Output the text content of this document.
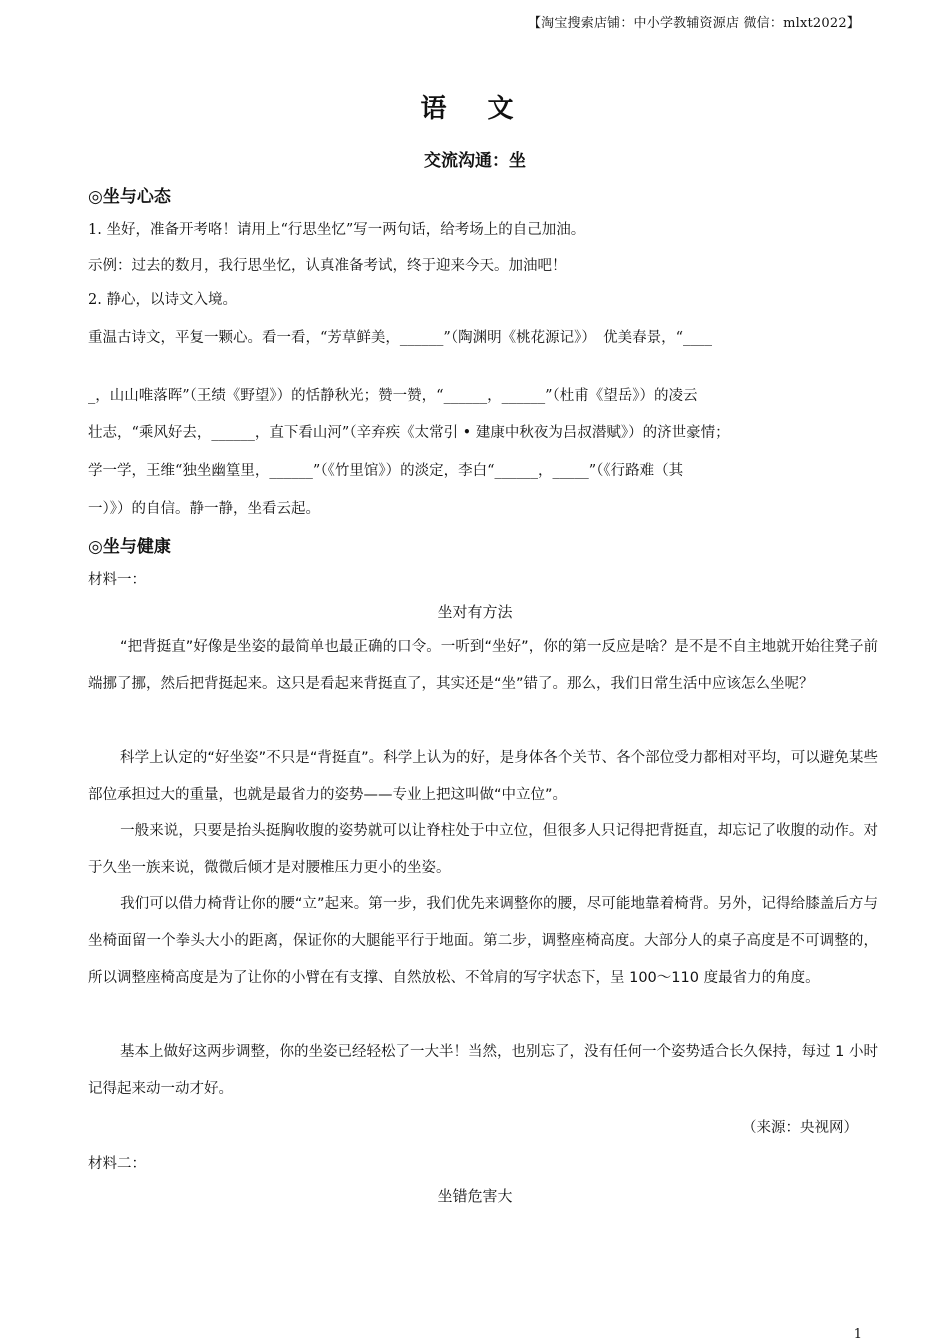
【淘宝搜索店铺：中小学教辅资源店 微信：mlxt2022】
语 文
交流沟通：坐
◎坐与心态
1. 坐好，准备开考咯！请用上“行思坐忆”写一两句话，给考场上的自己加油。
示例：过去的数月，我行思坐忆，认真准备考试，终于迎来今天。加油吧！
2. 静心，以诗文入境。
重温古诗文，平复一颗心。看一看，“芳草鲜美，______”（陶渊明《桃花源记》）　优美春景，“____
_，山山唯落晖”（王绩《野望》）的恬静秋光；赞一赞，“______，______”（杜甫《望岳》）的凌云
壮志，“乘风好去，______，直下看山河”（辛弃疾《太常引 • 建康中秋夜为吕叔潜赋》）的济世豪情；
学一学，王维“独坐幽篁里，______”（《竹里馆》）的淡定，李白“______，_____”（《行路难（其
一）》）的自信。静一静，坐看云起。
◎坐与健康
材料一：
坐对有方法
“把背挺直”好像是坐姿的最简单也最正确的口令。一听到“坐好”，你的第一反应是啥？是不是不自主地就开始往凳子前端挪了挪，然后把背挺起来。这只是看起来背挺直了，其实还是“坐”错了。那么，我们日常生活中应该怎么坐呢？
科学上认定的“好坐姿”不只是“背挺直”。科学上认为的好，是身体各个关节、各个部位受力都相对平均，可以避免某些部位承担过大的重量，也就是最省力的姿势——专业上把这叫做“中立位”。
一般来说，只要是抬头挺胸收腹的姿势就可以让脊柱处于中立位，但很多人只记得把背挺直，却忘记了收腹的动作。对于久坐一族来说，微微后倾才是对腰椎压力更小的坐姿。
我们可以借力椅背让你的腰“立”起来。第一步，我们优先来调整你的腰，尽可能地靠着椅背。另外，记得给膝盖后方与坐椅面留一个拳头大小的距离，保证你的大腿能平行于地面。第二步，调整座椅高度。大部分人的桌子高度是不可调整的，所以调整座椅高度是为了让你的小臂在有支撑、自然放松、不耸肩的写字状态下，呈 100～110 度最省力的角度。
基本上做好这两步调整，你的坐姿已经轻松了一大半！当然，也别忘了，没有任何一个姿势适合长久保持，每过 1 小时记得起来动一动才好。
（来源：央视网）
材料二：
坐错危害大
1
